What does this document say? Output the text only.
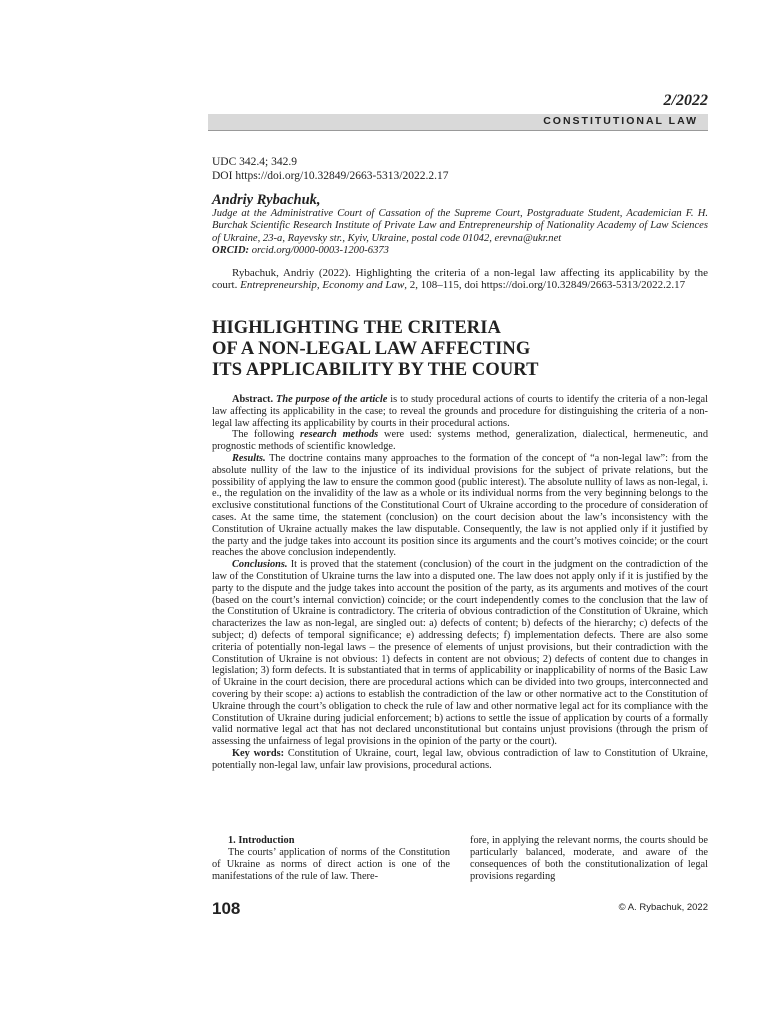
2/2022
CONSTITUTIONAL LAW
UDC 342.4; 342.9
DOI https://doi.org/10.32849/2663-5313/2022.2.17
Andriy Rybachuk,
Judge at the Administrative Court of Cassation of the Supreme Court, Postgraduate Student, Academician F. H. Burchak Scientific Research Institute of Private Law and Entrepreneurship of Nationality Academy of Law Sciences of Ukraine, 23-a, Rayevsky str., Kyiv, Ukraine, postal code 01042, erevna@ukr.net
ORCID: orcid.org/0000-0003-1200-6373
Rybachuk, Andriy (2022). Highlighting the criteria of a non-legal law affecting its applicability by the court. Entrepreneurship, Economy and Law, 2, 108–115, doi https://doi.org/10.32849/2663-5313/2022.2.17
HIGHLIGHTING THE CRITERIA
OF A NON-LEGAL LAW AFFECTING
ITS APPLICABILITY BY THE COURT

Abstract. The purpose of the article is to study procedural actions of courts to identify the criteria of a non-legal law affecting its applicability in the case; to reveal the grounds and procedure for distinguishing the criteria of a non-legal law affecting its applicability by courts in their procedural actions.

The following research methods were used: systems method, generalization, dialectical, hermeneutic, and prognostic methods of scientific knowledge.

Results. The doctrine contains many approaches to the formation of the concept of “a non-legal law”: from the absolute nullity of the law to the injustice of its individual provisions for the subject of private relations, but the possibility of applying the law to ensure the common good (public interest). The absolute nullity of laws as non-legal, i. e., the regulation on the invalidity of the law as a whole or its individual norms from the very beginning belongs to the exclusive constitutional functions of the Constitutional Court of Ukraine according to the procedure of consideration of cases. At the same time, the statement (conclusion) on the court decision about the law’s inconsistency with the Constitution of Ukraine actually makes the law disputable. Consequently, the law is not applied only if it justified by the party and the judge takes into account its position since its arguments and the court’s motives coincide; or the court reaches the above conclusion independently.

Conclusions. It is proved that the statement (conclusion) of the court in the judgment on the contradiction of the law of the Constitution of Ukraine turns the law into a disputed one. The law does not apply only if it is justified by the party to the dispute and the judge takes into account the position of the party, as its arguments and motives of the court (based on the court’s internal conviction) coincide; or the court independently comes to the conclusion that the law of the Constitution of Ukraine is contradictory. The criteria of obvious contradiction of the Constitution of Ukraine, which characterizes the law as non-legal, are singled out: a) defects of content; b) defects of the hierarchy; c) defects of the subject; d) defects of temporal significance; e) addressing defects; f) implementation defects. There are also some criteria of potentially non-legal laws – the presence of elements of unjust provisions, but their contradiction with the Constitution of Ukraine is not obvious: 1) defects in content are not obvious; 2) defects of content due to changes in legislation; 3) form defects. It is substantiated that in terms of applicability or inapplicability of norms of the Basic Law of Ukraine in the court decision, there are procedural actions which can be divided into two groups, interconnected and covering by their scope: a) actions to establish the contradiction of the law or other normative act to the Constitution of Ukraine through the court’s obligation to check the rule of law and other normative legal act for its compliance with the Constitution of Ukraine during judicial enforcement; b) actions to settle the issue of application by courts of a formally valid normative legal act that has not declared unconstitutional but contains unjust provisions (through the prism of assessing the unfairness of legal provisions in the opinion of the party or the court).

Key words: Constitution of Ukraine, court, legal law, obvious contradiction of law to Constitution of Ukraine, potentially non-legal law, unfair law provisions, procedural actions.

1. Introduction

The courts’ application of norms of the Constitution of Ukraine as norms of direct action is one of the manifestations of the rule of law. There-

fore, in applying the relevant norms, the courts should be particularly balanced, moderate, and aware of the consequences of both the constitutionalization of legal provisions regarding

108	© A. Rybachuk, 2022
